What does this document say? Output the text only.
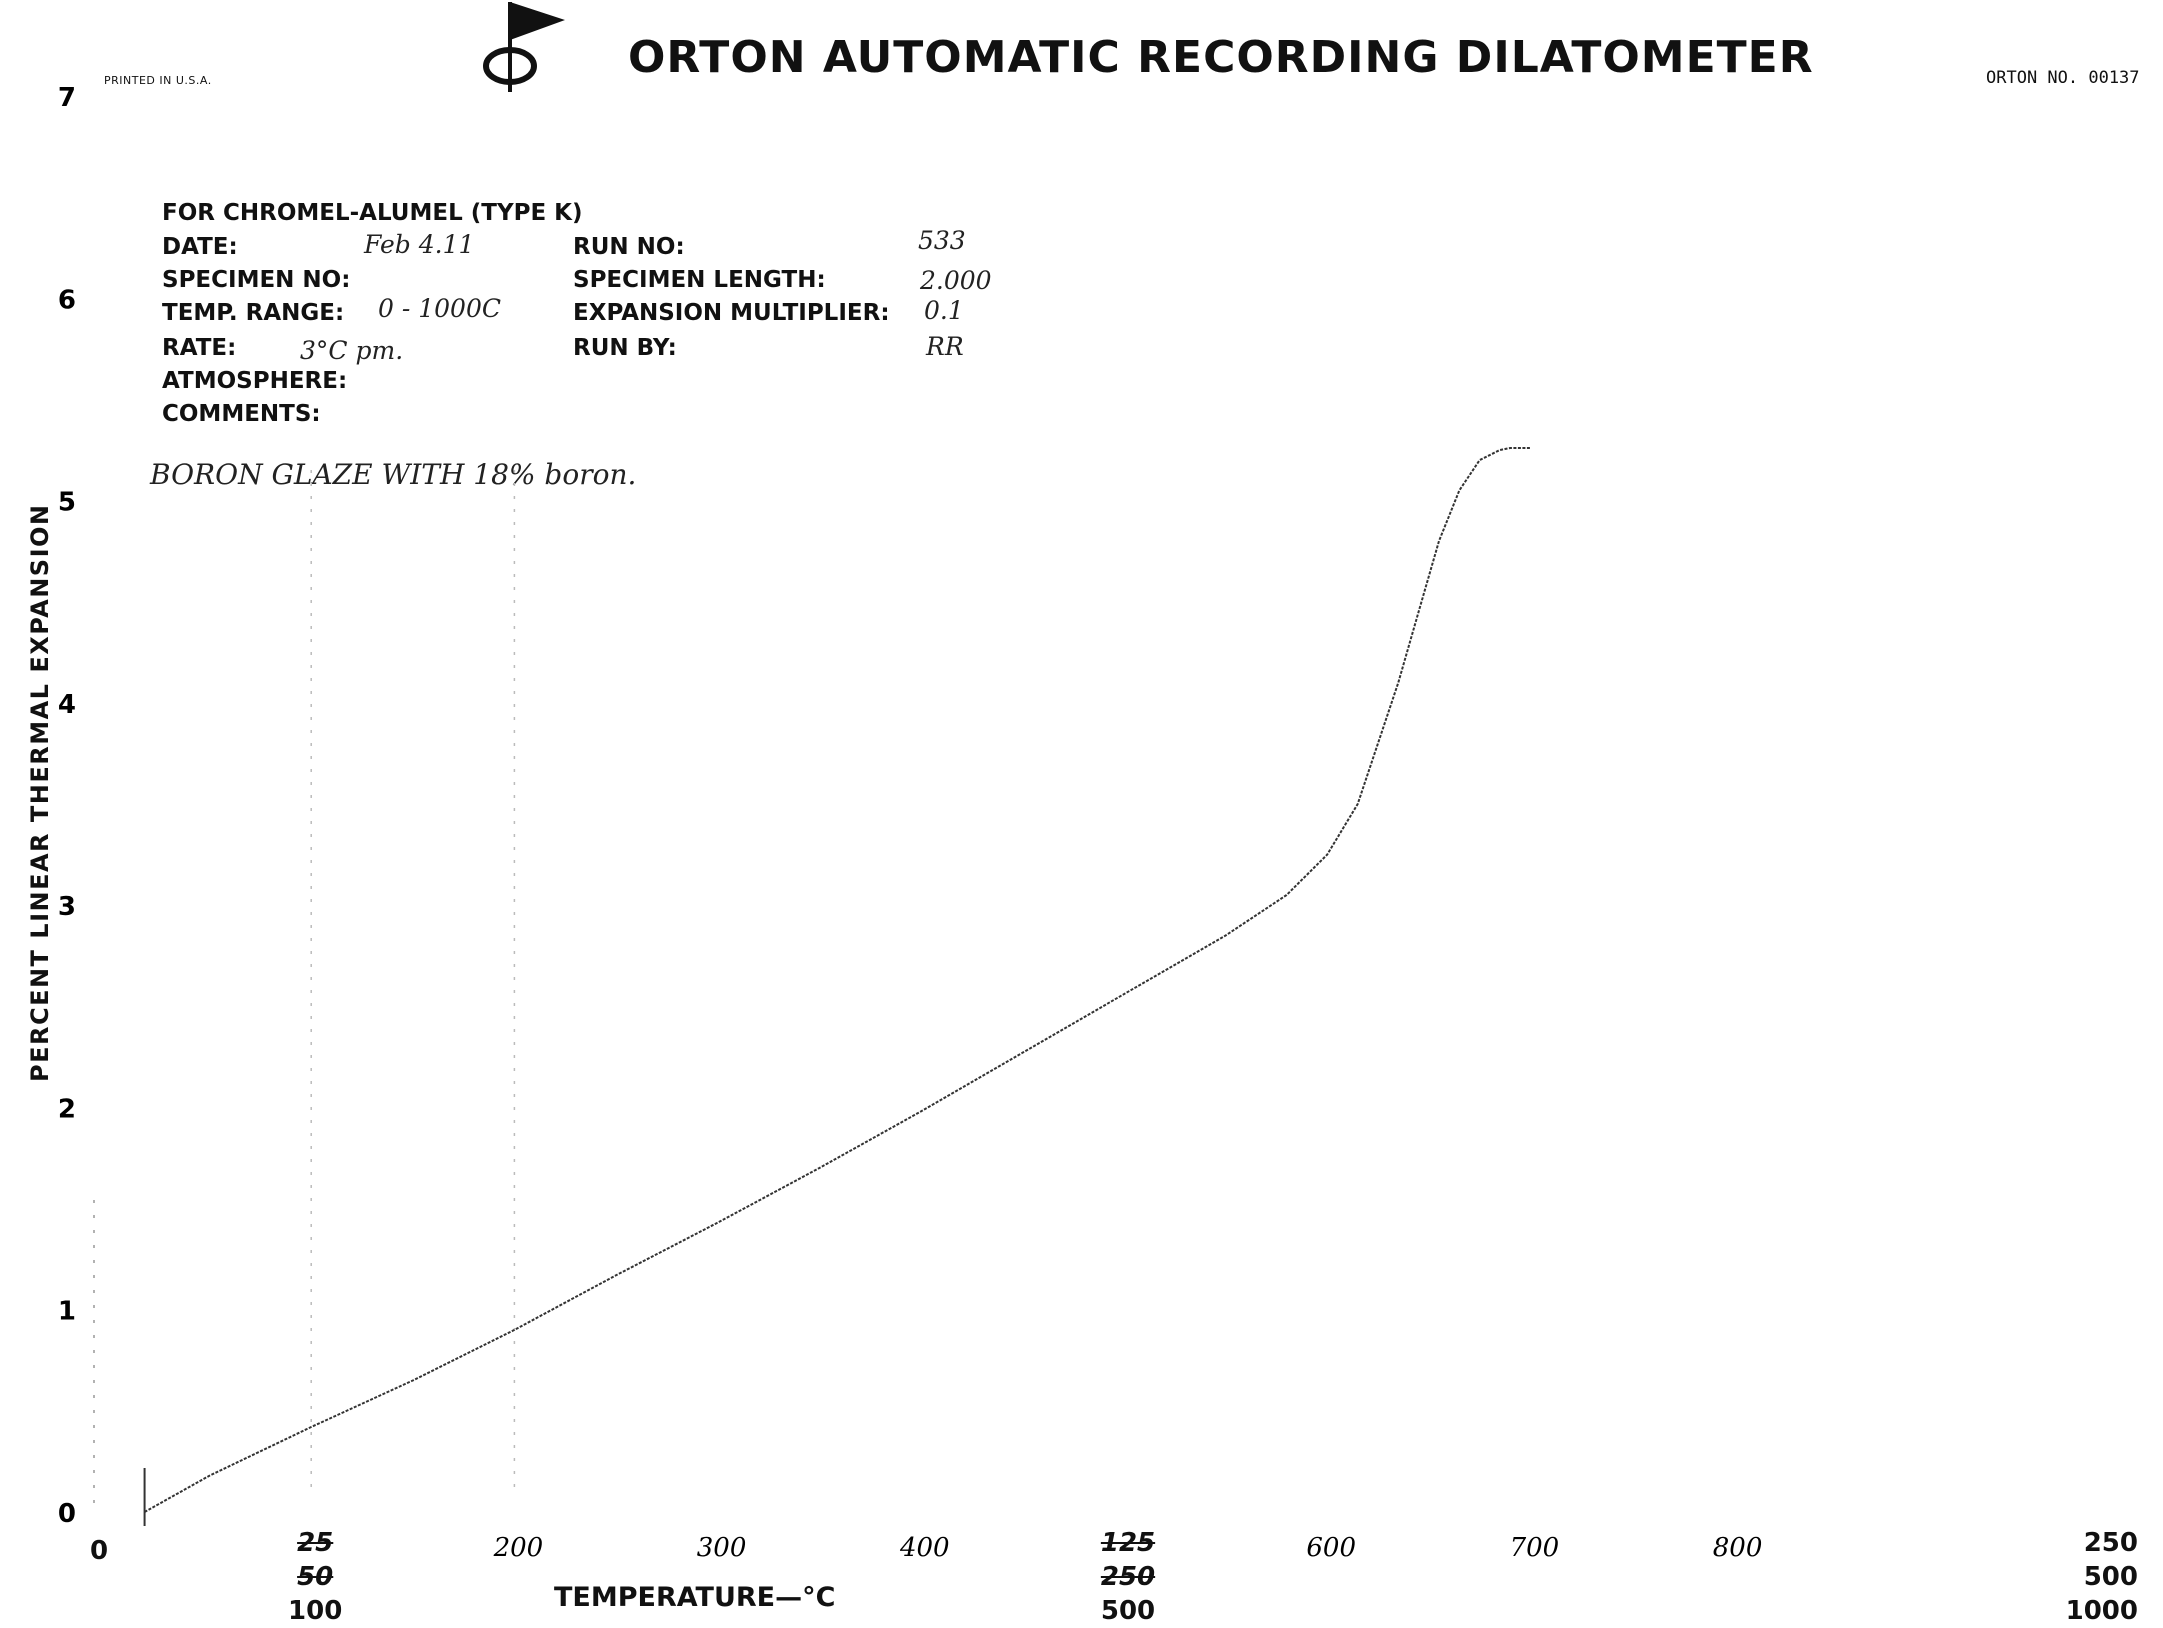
PRINTED IN U.S.A.	ORTON AUTOMATIC RECORDING DILATOMETER	ORTON NO. 00137
FOR CHROMEL-ALUMEL (TYPE K)
DATE:	Feb 4.11
SPECIMEN NO:
TEMP. RANGE: 0 - 1000C
RATE:	3°C pm.
ATMOSPHERE:
COMMENTS:
RUN NO:	533
SPECIMEN LENGTH:	2.000
EXPANSION MULTIPLIER: 0.1
RUN BY:	RR
BORON GLAZE WITH 18% boron.
PERCENT LINEAR THERMAL EXPANSION
0
1
2
3
4
5
6
7
200	300	400	600	700	800
TEMPERATURE—°C
0	25
50
100
125
250
500
250
500
1000
